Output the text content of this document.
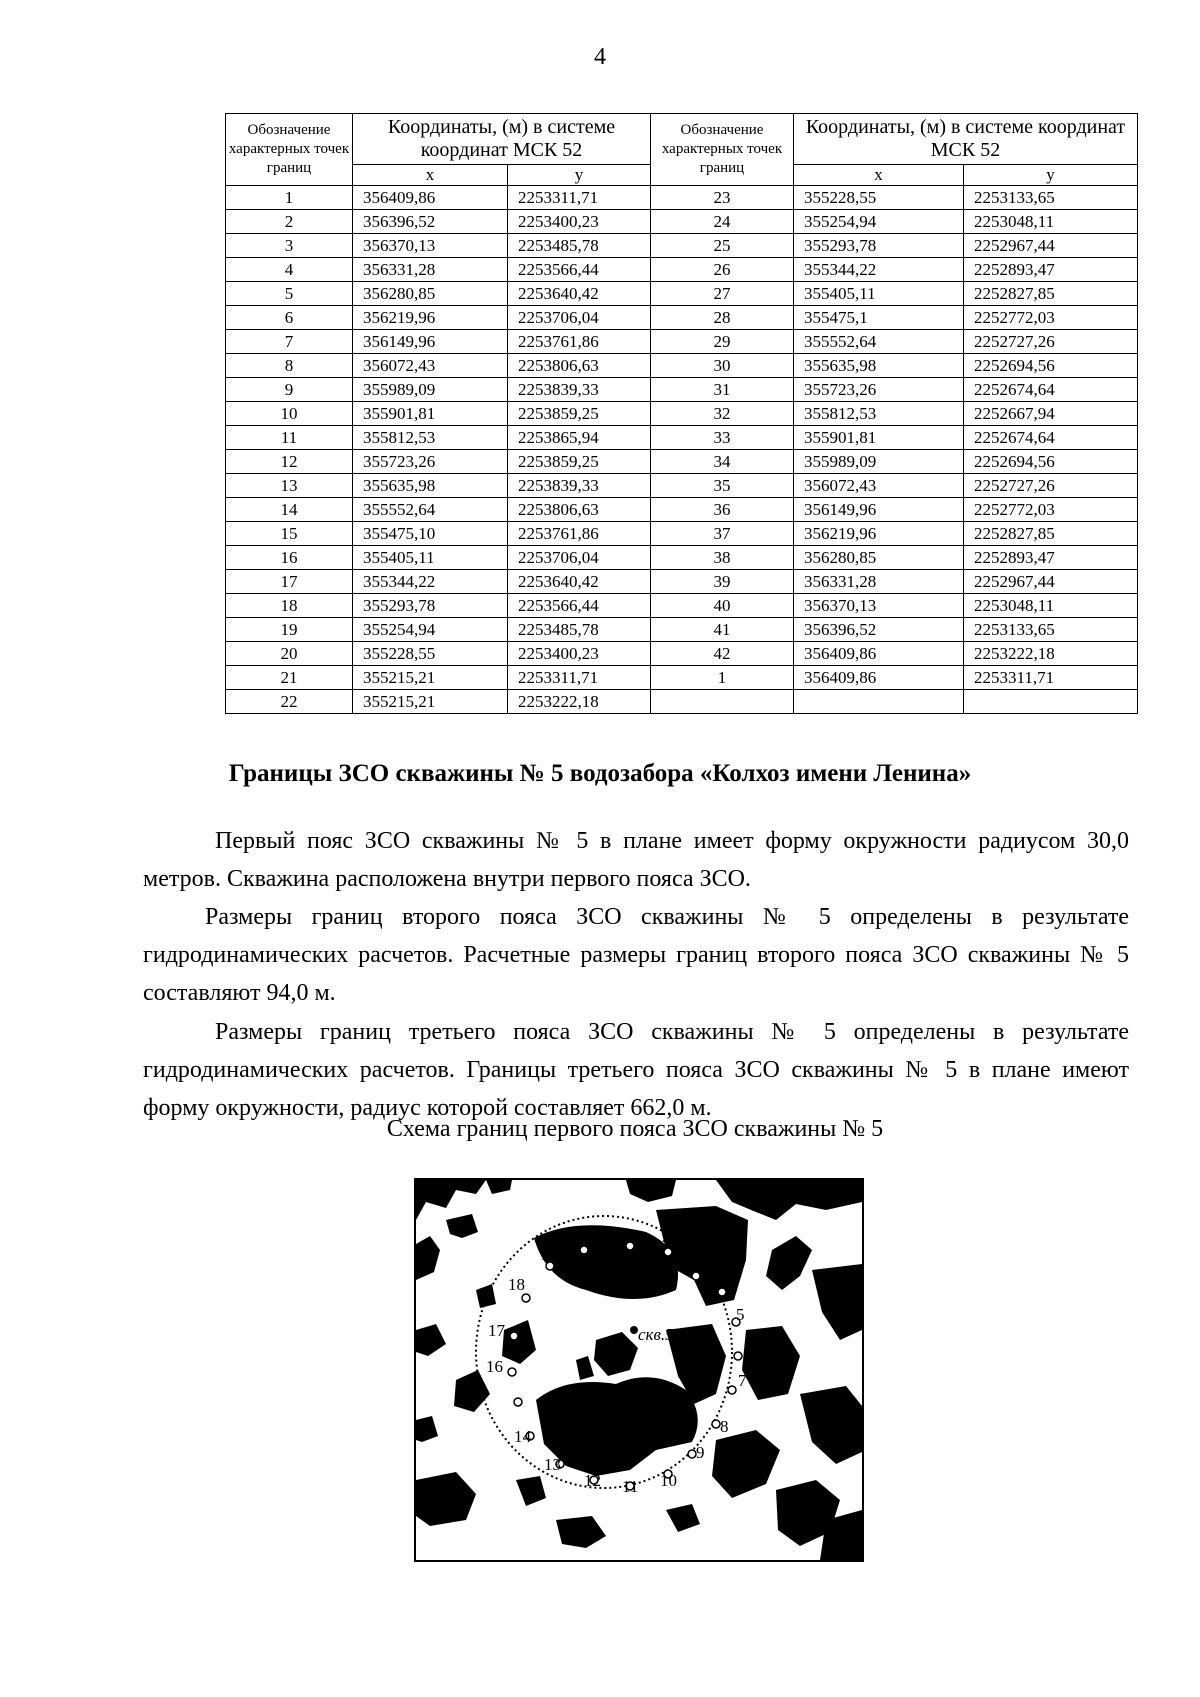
4
Обозначение характерных точек границ	Координаты, (м) в системе координат МСК 52		Обозначение характерных точек границ	Координаты, (м) в системе координат МСК 52	
	x	y		x	y
1	356409,86	2253311,71	23	355228,55	2253133,65
2	356396,52	2253400,23	24	355254,94	2253048,11
3	356370,13	2253485,78	25	355293,78	2252967,44
4	356331,28	2253566,44	26	355344,22	2252893,47
5	356280,85	2253640,42	27	355405,11	2252827,85
6	356219,96	2253706,04	28	355475,1	2252772,03
7	356149,96	2253761,86	29	355552,64	2252727,26
8	356072,43	2253806,63	30	355635,98	2252694,56
9	355989,09	2253839,33	31	355723,26	2252674,64
10	355901,81	2253859,25	32	355812,53	2252667,94
11	355812,53	2253865,94	33	355901,81	2252674,64
12	355723,26	2253859,25	34	355989,09	2252694,56
13	355635,98	2253839,33	35	356072,43	2252727,26
14	355552,64	2253806,63	36	356149,96	2252772,03
15	355475,10	2253761,86	37	356219,96	2252827,85
16	355405,11	2253706,04	38	356280,85	2252893,47
17	355344,22	2253640,42	39	356331,28	2252967,44
18	355293,78	2253566,44	40	356370,13	2253048,11
19	355254,94	2253485,78	41	356396,52	2253133,65
20	355228,55	2253400,23	42	356409,86	2253222,18
21	355215,21	2253311,71	1	356409,86	2253311,71
22	355215,21	2253222,18			
Границы ЗСО скважины № 5 водозабора «Колхоз имени Ленина»

Первый пояс ЗСО скважины № 5 в плане имеет форму окружности радиусом 30,0 метров. Скважина расположена внутри первого пояса ЗСО.

Размеры границ второго пояса ЗСО скважины № 5 определены в результате гидродинамических расчетов. Расчетные размеры границ второго пояса ЗСО скважины № 5 составляют 94,0 м.

Размеры границ третьего пояса ЗСО скважины № 5 определены в результате гидродинамических расчетов. Границы третьего пояса ЗСО скважины № 5 в плане имеют форму окружности, радиус которой составляет 662,0 м.

Схема границ первого пояса ЗСО скважины № 5
1 2
3
4
5
6
7
8
9
10
11
12
13
14
15
16
17
18
19
20
скв.5
